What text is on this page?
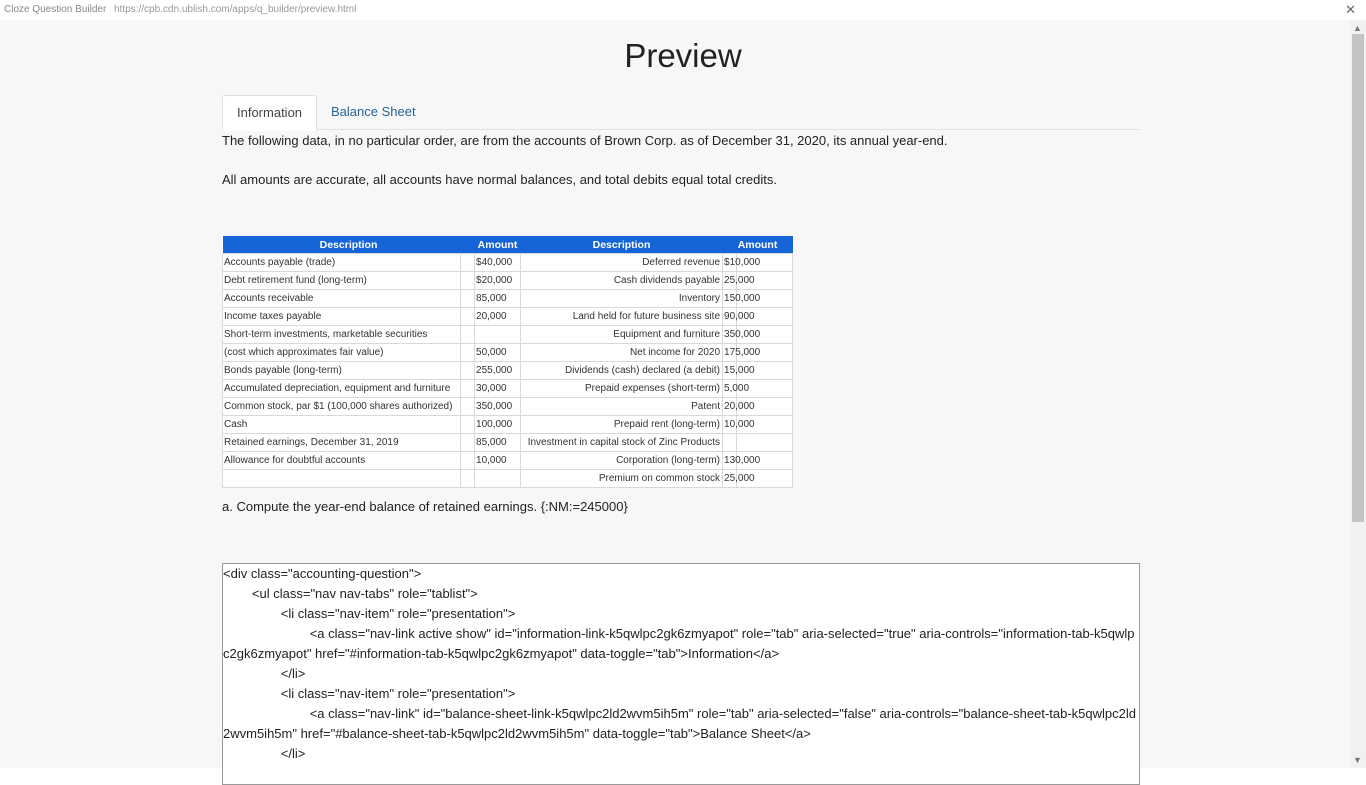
Cloze Question Builder https://cpb.cdn.ublish.com/apps/q_builder/preview.html	✕
Preview
Information	Balance Sheet

The following data, in no particular order, are from the accounts of Brown Corp. as of December 31, 2020, its annual year-end.

All amounts are accurate, all accounts have normal balances, and total debits equal total credits.

Description		Amount	Description	Amount	
Accounts payable (trade)		$40,000	Deferred revenue	$10,000	
Debt retirement fund (long-term)		$20,000	Cash dividends payable	25,000	
Accounts receivable		85,000	Inventory	150,000	
Income taxes payable		20,000	Land held for future business site	90,000	
Short-term investments, marketable securities			Equipment and furniture	350,000	
(cost which approximates fair value)		50,000	Net income for 2020	175,000	
Bonds payable (long-term)		255,000	Dividends (cash) declared (a debit)	15,000	
Accumulated depreciation, equipment and furniture		30,000	Prepaid expenses (short-term)	5,000	
Common stock, par $1 (100,000 shares authorized)		350,000	Patent	20,000	
Cash		100,000	Prepaid rent (long-term)	10,000	
Retained earnings, December 31, 2019		85,000	Investment in capital stock of Zinc Products		
Allowance for doubtful accounts		10,000	Corporation (long-term)	130,000	
			Premium on common stock	25,000	

a. Compute the year-end balance of retained earnings. {:NM:=245000}

<div class="accounting-question">

<ul class="nav nav-tabs" role="tablist">

<li class="nav-item" role="presentation">

<a class="nav-link active show" id="information-link-k5qwlpc2gk6zmyapot" role="tab" aria-selected="true" aria-controls="information-tab-k5qwlpc2gk6zmyapot" href="#information-tab-k5qwlpc2gk6zmyapot" data-toggle="tab">Information</a>

</li>

<li class="nav-item" role="presentation">

<a class="nav-link" id="balance-sheet-link-k5qwlpc2ld2wvm5ih5m" role="tab" aria-selected="false" aria-controls="balance-sheet-tab-k5qwlpc2ld2wvm5ih5m" href="#balance-sheet-tab-k5qwlpc2ld2wvm5ih5m" data-toggle="tab">Balance Sheet</a>

</li>

▲
▼
